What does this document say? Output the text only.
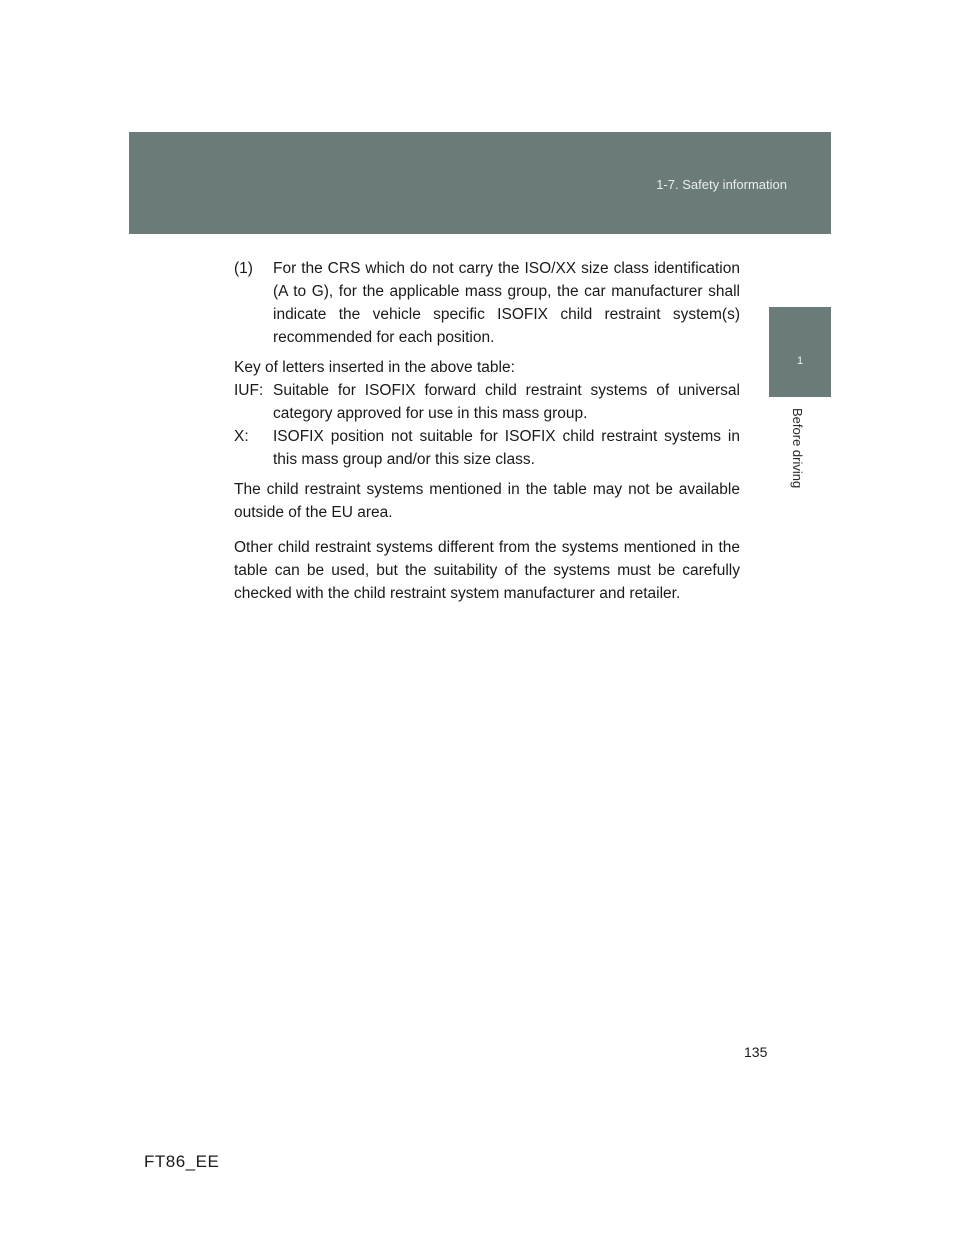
1-7. Safety information
1
Before driving

(1) For the CRS which do not carry the ISO/XX size class identification (A to G), for the applicable mass group, the car manufacturer shall indicate the vehicle specific ISOFIX child restraint system(s) recommended for each position.

Key of letters inserted in the above table:

IUF: Suitable for ISOFIX forward child restraint systems of universal category approved for use in this mass group.

X: ISOFIX position not suitable for ISOFIX child restraint systems in this mass group and/or this size class.

The child restraint systems mentioned in the table may not be available outside of the EU area.

Other child restraint systems different from the systems mentioned in the table can be used, but the suitability of the systems must be carefully checked with the child restraint system manufacturer and retailer.

135
FT86_EE
